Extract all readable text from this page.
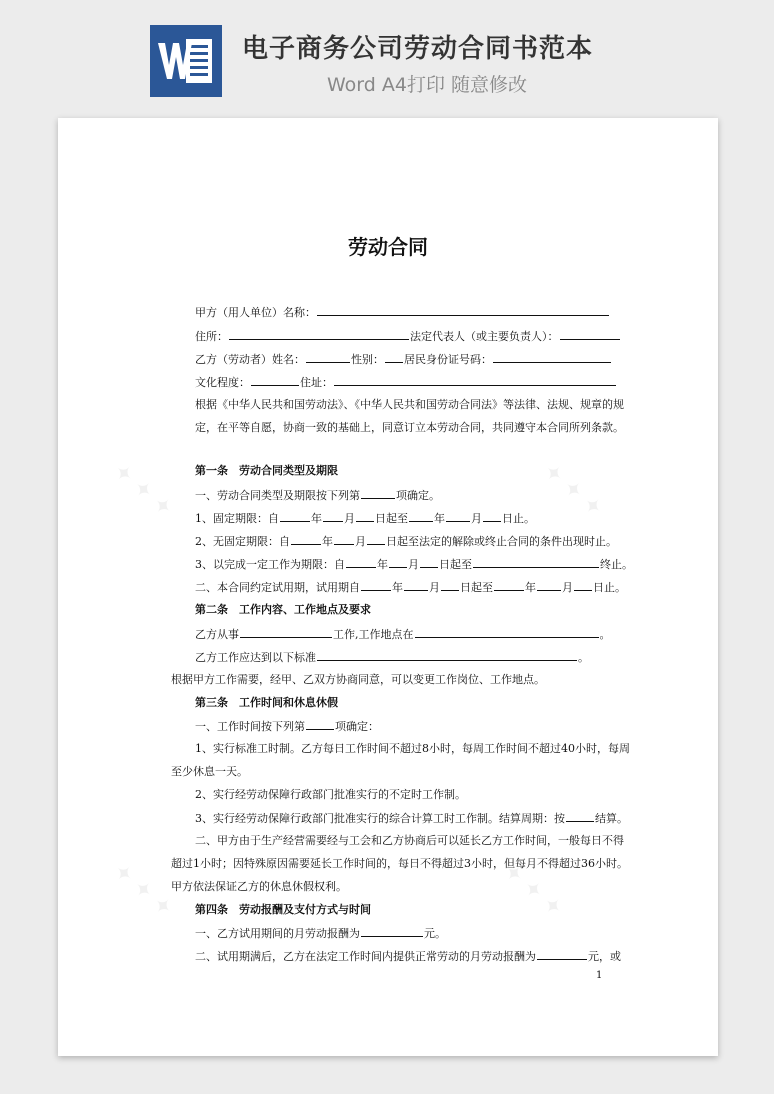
电子商务公司劳动合同书范本
Word A4打印 随意修改
✦ ✦ ✦	✦ ✦ ✦
✦ ✦ ✦	✦ ✦ ✦
劳动合同
甲方（用人单位）名称：
住所：	法定代表人（或主要负责人）：
乙方（劳动者）姓名：	性别： 居民身份证号码：
文化程度：	住址：
根据《中华人民共和国劳动法》、《中华人民共和国劳动合同法》等法律、法规、规章的规
定，在平等自愿，协商一致的基础上，同意订立本劳动合同，共同遵守本合同所列条款。
第一条　劳动合同类型及期限
一、劳动合同类型及期限按下列第	项确定。
1、固定期限：自	年 月 日起至 年 月 日止。
2、无固定期限：自	年 月 日起至法定的解除或终止合同的条件出现时止。
3、以完成一定工作为期限：自	年 月 日起至	终止。
二、本合同约定试用期，试用期自	年 月 日起至	年 月 日止。
第二条　工作内容、工作地点及要求
乙方从事	工作,工作地点在	。
乙方工作应达到以下标准	。
根据甲方工作需要，经甲、乙双方协商同意，可以变更工作岗位、工作地点。
第三条　工作时间和休息休假
一、工作时间按下列第	项确定：
1、实行标准工时制。乙方每日工作时间不超过8小时，每周工作时间不超过40小时，每周
至少休息一天。
2、实行经劳动保障行政部门批准实行的不定时工作制。
3、实行经劳动保障行政部门批准实行的综合计算工时工作制。结算周期：按	结算。
二、甲方由于生产经营需要经与工会和乙方协商后可以延长乙方工作时间，一般每日不得
超过1小时；因特殊原因需要延长工作时间的，每日不得超过3小时，但每月不得超过36小时。
甲方依法保证乙方的休息休假权利。
第四条　劳动报酬及支付方式与时间
一、乙方试用期间的月劳动报酬为	元。
二、试用期满后，乙方在法定工作时间内提供正常劳动的月劳动报酬为	元，或
1
